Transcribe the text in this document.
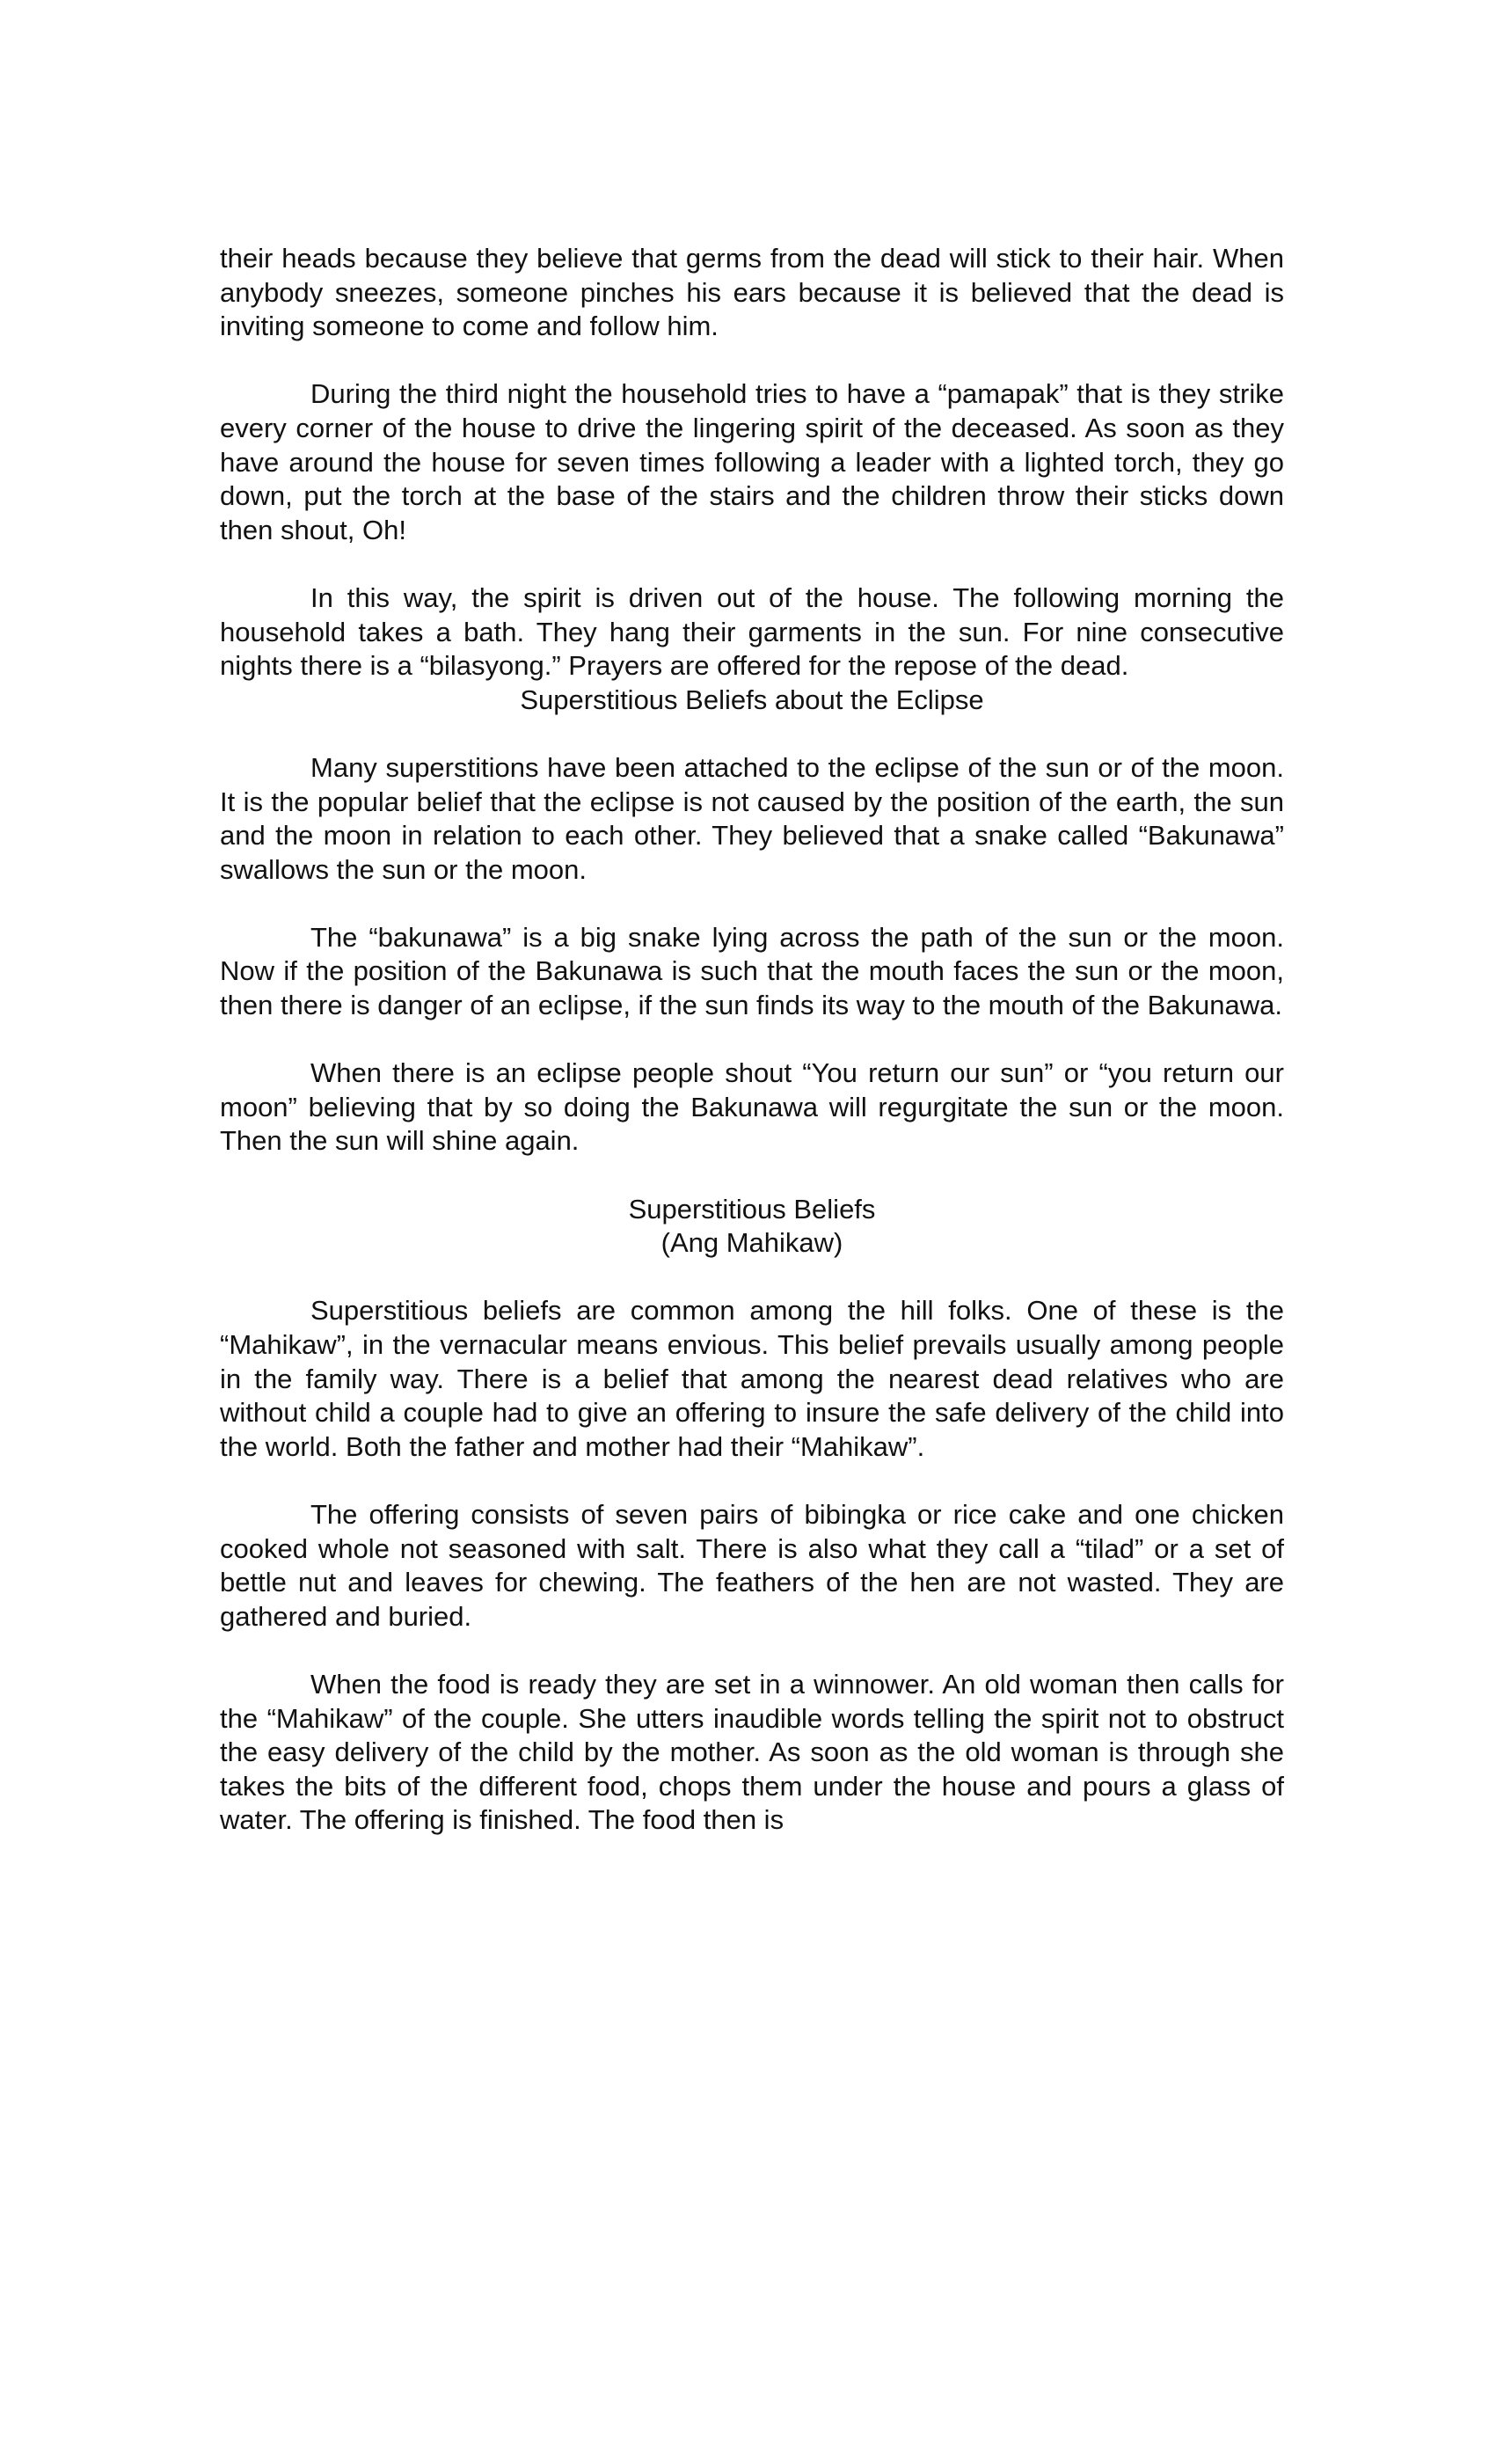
their heads because they believe that germs from the dead will stick to their hair. When anybody sneezes, someone pinches his ears because it is believed that the dead is inviting someone to come and follow him.

During the third night the household tries to have a “pamapak” that is they strike every corner of the house to drive the lingering spirit of the deceased. As soon as they have around the house for seven times following a leader with a lighted torch, they go down, put the torch at the base of the stairs and the children throw their sticks down then shout, Oh!

In this way, the spirit is driven out of the house. The following morning the household takes a bath. They hang their garments in the sun. For nine consecutive nights there is a “bilasyong.” Prayers are offered for the repose of the dead.

Superstitious Beliefs about the Eclipse

Many superstitions have been attached to the eclipse of the sun or of the moon. It is the popular belief that the eclipse is not caused by the position of the earth, the sun and the moon in relation to each other. They believed that a snake called “Bakunawa” swallows the sun or the moon.

The “bakunawa” is a big snake lying across the path of the sun or the moon. Now if the position of the Bakunawa is such that the mouth faces the sun or the moon, then there is danger of an eclipse, if the sun finds its way to the mouth of the Bakunawa.

When there is an eclipse people shout “You return our sun” or “you return our moon” believing that by so doing the Bakunawa will regurgitate the sun or the moon. Then the sun will shine again.

Superstitious Beliefs

(Ang Mahikaw)

Superstitious beliefs are common among the hill folks. One of these is the “Mahikaw”, in the vernacular means envious. This belief prevails usually among people in the family way. There is a belief that among the nearest dead relatives who are without child a couple had to give an offering to insure the safe delivery of the child into the world. Both the father and mother had their “Mahikaw”.

The offering consists of seven pairs of bibingka or rice cake and one chicken cooked whole not seasoned with salt. There is also what they call a “tilad” or a set of bettle nut and leaves for chewing. The feathers of the hen are not wasted. They are gathered and buried.

When the food is ready they are set in a winnower. An old woman then calls for the “Mahikaw” of the couple. She utters inaudible words telling the spirit not to obstruct the easy delivery of the child by the mother. As soon as the old woman is through she takes the bits of the different food, chops them under the house and pours a glass of water. The offering is finished. The food then is
